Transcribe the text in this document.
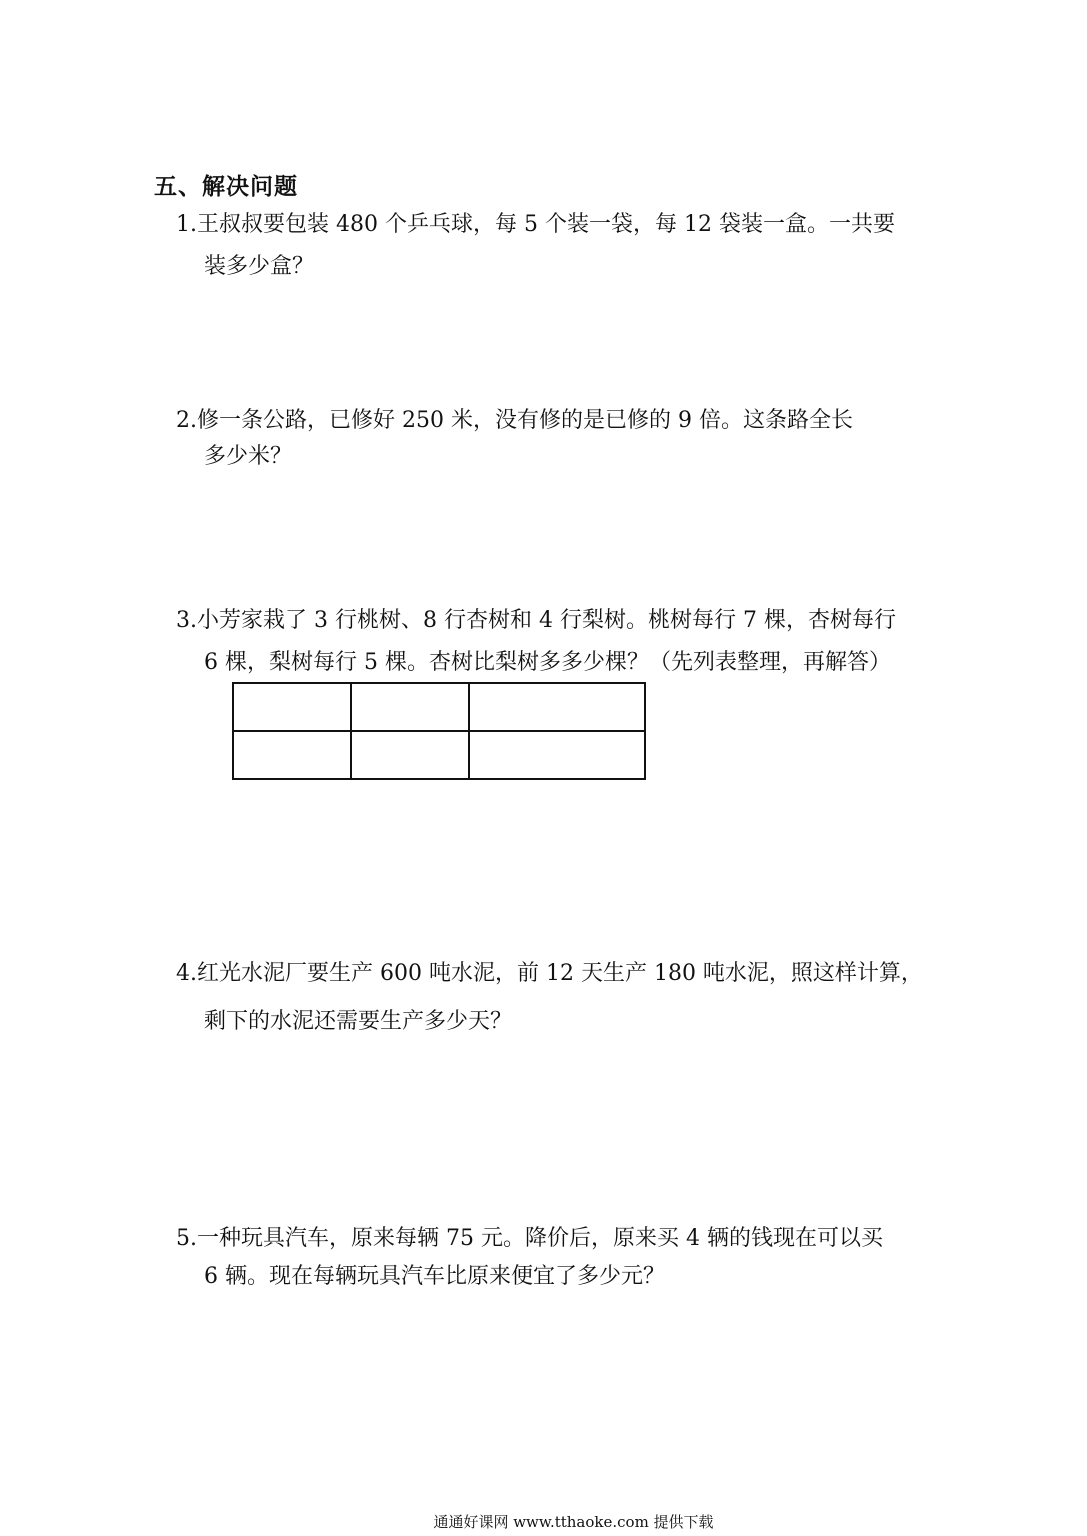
五、解决问题
1.王叔叔要包装 480 个乒乓球，每 5 个装一袋，每 12 袋装一盒。一共要
装多少盒？
2.修一条公路，已修好 250 米，没有修的是已修的 9 倍。这条路全长
多少米？
3.小芳家栽了 3 行桃树、8 行杏树和 4 行梨树。桃树每行 7 棵，杏树每行
6 棵，梨树每行 5 棵。杏树比梨树多多少棵？（先列表整理，再解答）

4.红光水泥厂要生产 600 吨水泥，前 12 天生产 180 吨水泥，照这样计算，
剩下的水泥还需要生产多少天？
5.一种玩具汽车，原来每辆 75 元。降价后，原来买 4 辆的钱现在可以买
6 辆。现在每辆玩具汽车比原来便宜了多少元？
通通好课网 www.tthaoke.com 提供下载
